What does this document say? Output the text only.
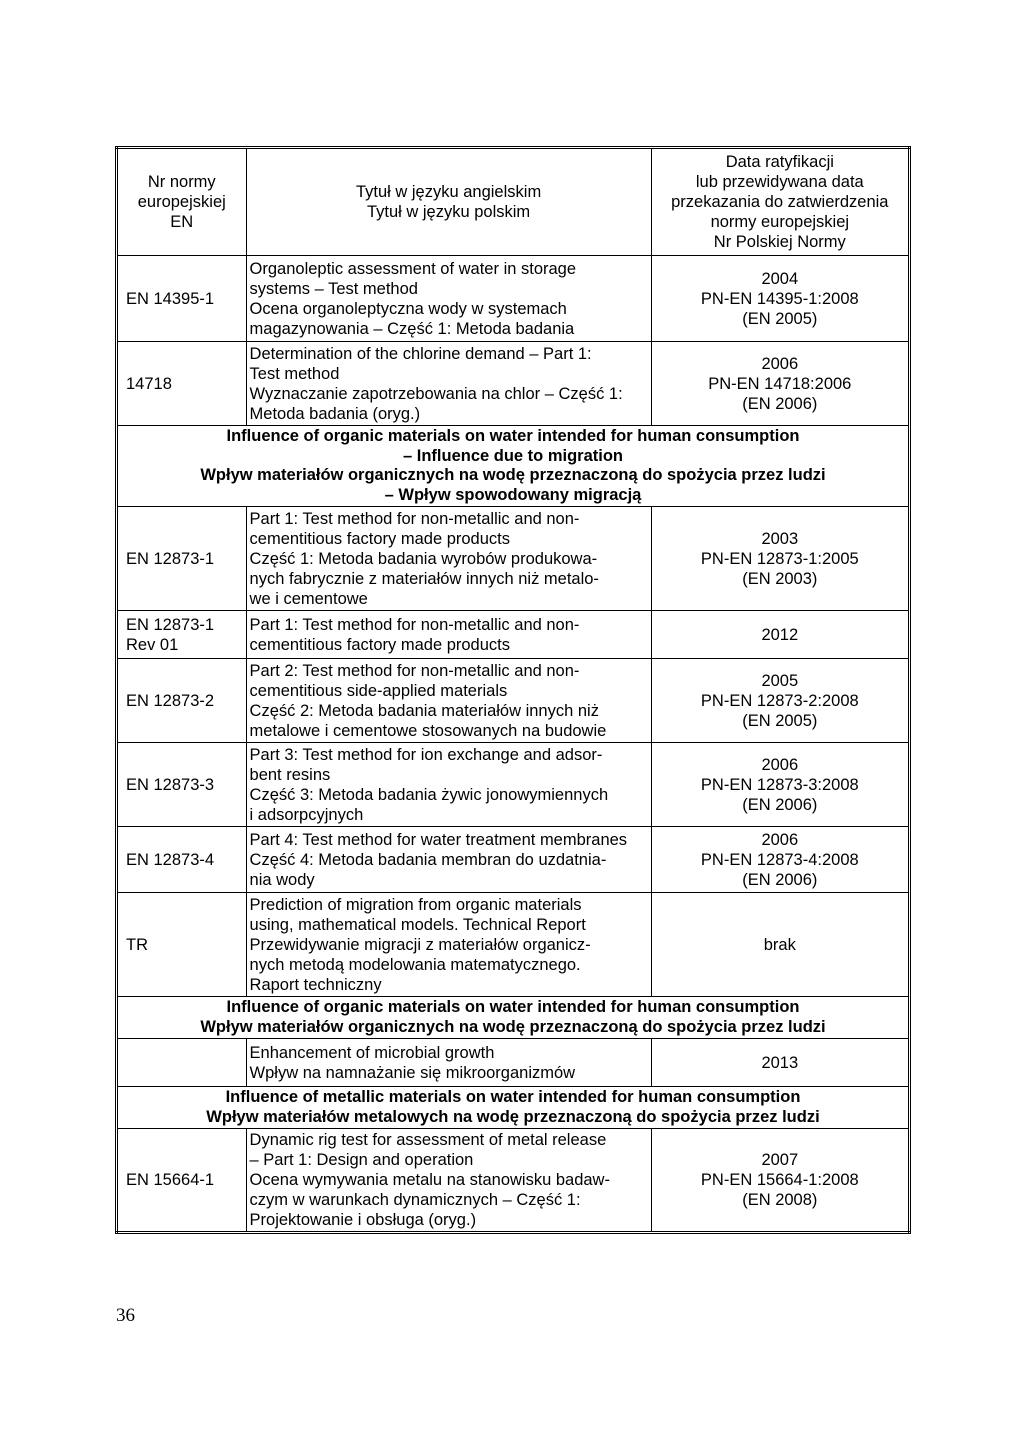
Nr normy
europejskiej
EN	Tytuł w języku angielskim
Tytuł w języku polskim	Data ratyfikacji
lub przewidywana data
przekazania do zatwierdzenia
normy europejskiej
Nr Polskiej Normy

EN 14395-1	Organoleptic assessment of water in storage
systems – Test method
Ocena organoleptyczna wody w systemach
magazynowania – Część 1: Metoda badania	2004
PN-EN 14395-1:2008
(EN 2005)

14718	Determination of the chlorine demand – Part 1:
Test method
Wyznaczanie zapotrzebowania na chlor – Część 1:
Metoda badania (oryg.)	2006
PN-EN 14718:2006
(EN 2006)

Influence of organic materials on water intended for human consumption
– Influence due to migration
Wpływ materiałów organicznych na wodę przeznaczoną do spożycia przez ludzi
– Wpływ spowodowany migracją		

EN 12873-1	Part 1: Test method for non-metallic and non-
cementitious factory made products
Część 1: Metoda badania wyrobów produkowa-
nych fabrycznie z materiałów innych niż metalo-
we i cementowe	2003
PN-EN 12873-1:2005
(EN 2003)

EN 12873-1
Rev 01	Part 1: Test method for non-metallic and non-
cementitious factory made products	2012

EN 12873-2	Part 2: Test method for non-metallic and non-
cementitious side-applied materials
Część 2: Metoda badania materiałów innych niż
metalowe i cementowe stosowanych na budowie	2005
PN-EN 12873-2:2008
(EN 2005)

EN 12873-3	Part 3: Test method for ion exchange and adsor-
bent resins
Część 3: Metoda badania żywic jonowymiennych
i adsorpcyjnych	2006
PN-EN 12873-3:2008
(EN 2006)

EN 12873-4	Part 4: Test method for water treatment membranes
Część 4: Metoda badania membran do uzdatnia-
nia wody	2006
PN-EN 12873-4:2008
(EN 2006)

TR	Prediction of migration from organic materials
using, mathematical models. Technical Report
Przewidywanie migracji z materiałów organicz-
nych metodą modelowania matematycznego.
Raport techniczny	brak

Influence of organic materials on water intended for human consumption
Wpływ materiałów organicznych na wodę przeznaczoną do spożycia przez ludzi		

	Enhancement of microbial growth
Wpływ na namnażanie się mikroorganizmów	2013

Influence of metallic materials on water intended for human consumption
Wpływ materiałów metalowych na wodę przeznaczoną do spożycia przez ludzi		

EN 15664-1	Dynamic rig test for assessment of metal release
– Part 1: Design and operation
Ocena wymywania metalu na stanowisku badaw-
czym w warunkach dynamicznych – Część 1:
Projektowanie i obsługa (oryg.)	2007
PN-EN 15664-1:2008
(EN 2008)
36
